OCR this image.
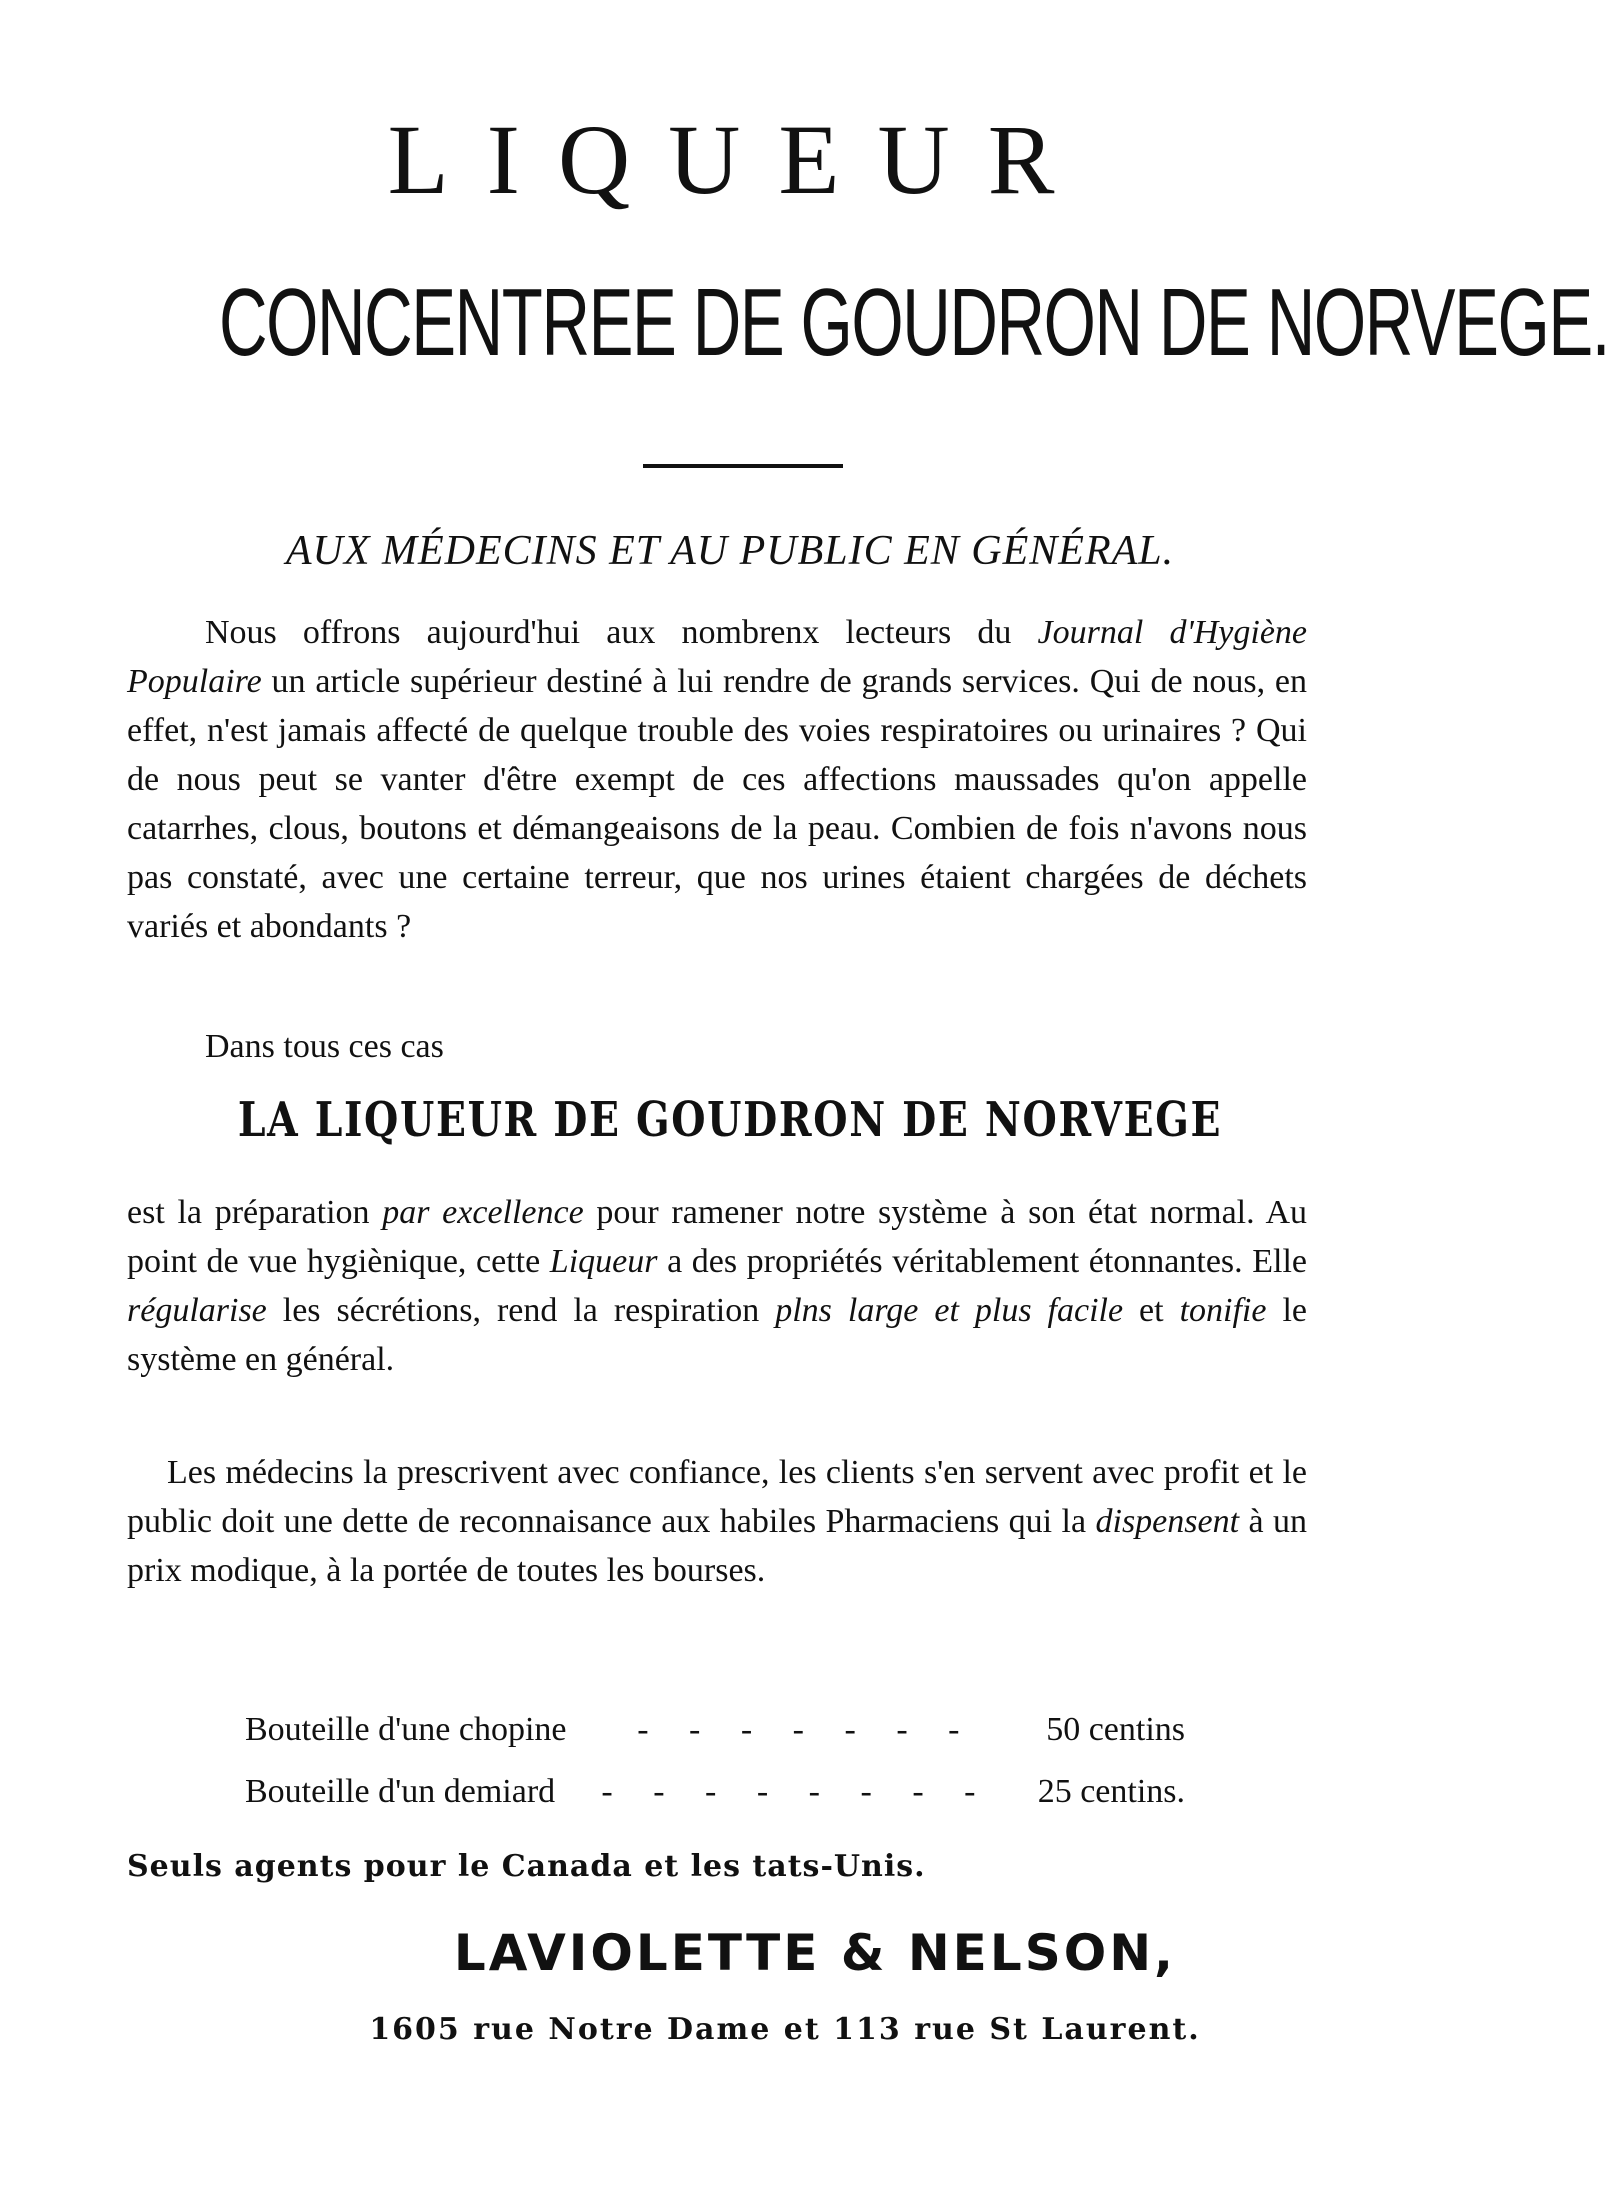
LIQUEUR
CONCENTREE DE GOUDRON DE NORVEGE.
AUX MÉDECINS ET AU PUBLIC EN GÉNÉRAL.

Nous offrons aujourd'hui aux nombrenx lecteurs du Journal d'Hygiène Populaire un article supérieur destiné à lui rendre de grands services. Qui de nous, en effet, n'est jamais affecté de quelque trouble des voies respiratoires ou urinaires ? Qui de nous peut se vanter d'être exempt de ces affections maussades qu'on appelle catarrhes, clous, boutons et démangeaisons de la peau. Combien de fois n'avons nous pas constaté, avec une certaine terreur, que nos urines étaient chargées de déchets variés et abondants ?

Dans tous ces cas
LA LIQUEUR DE GOUDRON DE NORVEGE

est la préparation par excellence pour ramener notre système à son état normal. Au point de vue hygiènique, cette Liqueur a des propriétés véritablement étonnantes. Elle régularise les sécrétions, rend la respiration plns large et plus facile et tonifie le système en général.

Les médecins la prescrivent avec confiance, les clients s'en servent avec profit et le public doit une dette de reconnaisance aux habiles Pharmaciens qui la dispensent à un prix modique, à la portée de toutes les bourses.

Bouteille d'une chopine	- - - - - - -	50 centins
Bouteille d'un demiard	- - - - - - - -	25 centins.
Seuls agents pour le Canada et les tats-Unis.
LAVIOLETTE & NELSON,
1605 rue Notre Dame et 113 rue St Laurent.
